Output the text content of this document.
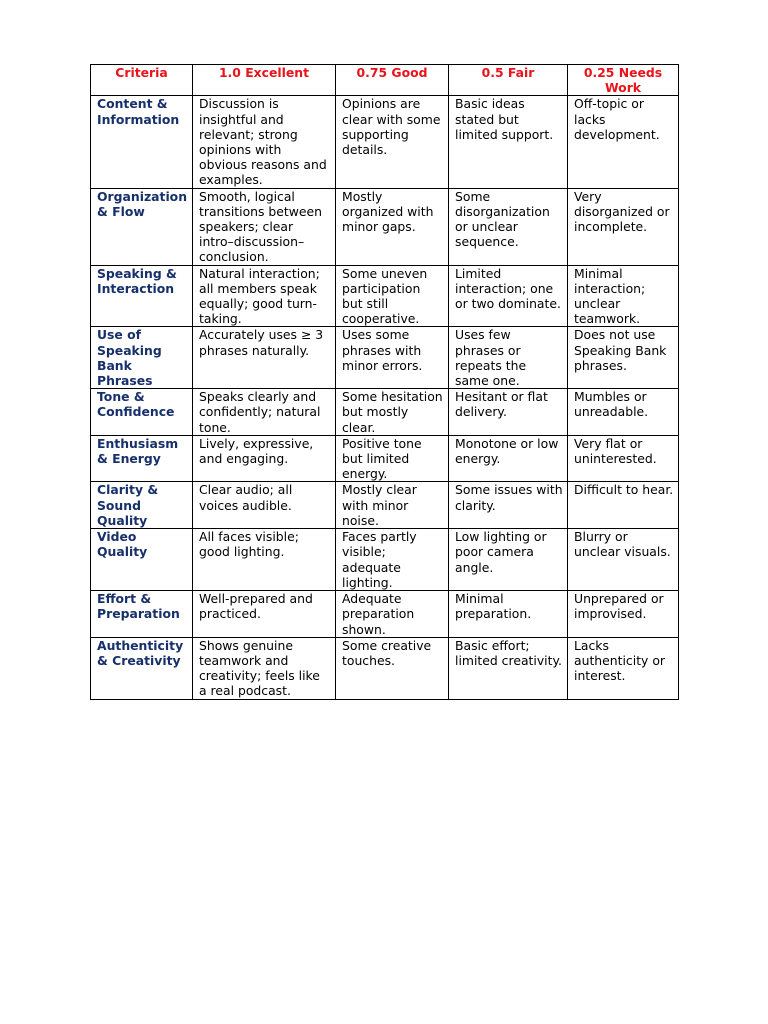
Criteria	1.0 Excellent	0.75 Good	0.5 Fair	0.25 Needs Work
Content & Information	Discussion is insightful and relevant; strong opinions with obvious reasons and examples.	Opinions are clear with some supporting details.	Basic ideas stated but limited support.	Off-topic or lacks development.
Organization & Flow	Smooth, logical transitions between speakers; clear intro–discussion–conclusion.	Mostly organized with minor gaps.	Some disorganization or unclear sequence.	Very disorganized or incomplete.
Speaking & Interaction	Natural interaction; all members speak equally; good turn-taking.	Some uneven participation but still cooperative.	Limited interaction; one or two dominate.	Minimal interaction; unclear teamwork.
Use of Speaking Bank Phrases	Accurately uses ≥ 3 phrases naturally.	Uses some phrases with minor errors.	Uses few phrases or repeats the same one.	Does not use Speaking Bank phrases.
Tone & Confidence	Speaks clearly and confidently; natural tone.	Some hesitation but mostly clear.	Hesitant or flat delivery.	Mumbles or unreadable.
Enthusiasm & Energy	Lively, expressive, and engaging.	Positive tone but limited energy.	Monotone or low energy.	Very flat or uninterested.
Clarity & Sound Quality	Clear audio; all voices audible.	Mostly clear with minor noise.	Some issues with clarity.	Difficult to hear.
Video Quality	All faces visible; good lighting.	Faces partly visible; adequate lighting.	Low lighting or poor camera angle.	Blurry or unclear visuals.
Effort & Preparation	Well-prepared and practiced.	Adequate preparation shown.	Minimal preparation.	Unprepared or improvised.
Authenticity & Creativity	Shows genuine teamwork and creativity; feels like a real podcast.	Some creative touches.	Basic effort; limited creativity.	Lacks authenticity or interest.
